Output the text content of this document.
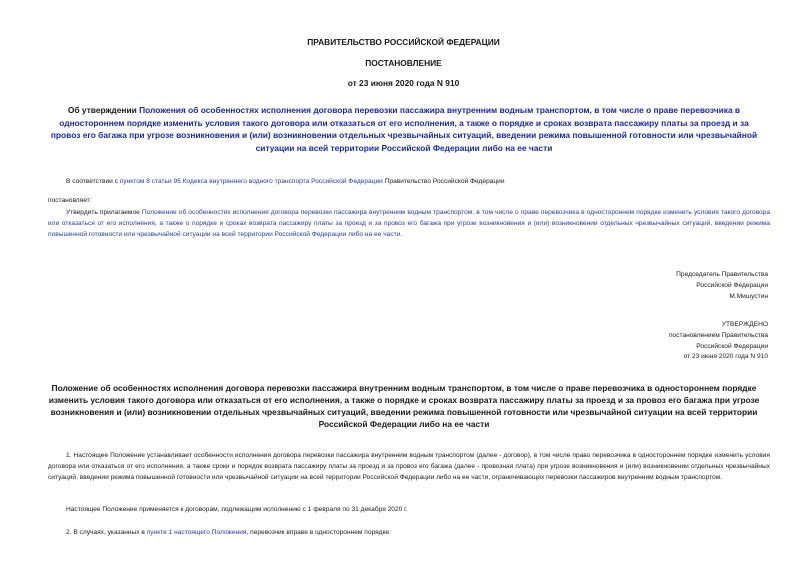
ПРАВИТЕЛЬСТВО РОССИЙСКОЙ ФЕДЕРАЦИИ
ПОСТАНОВЛЕНИЕ
от 23 июня 2020 года N 910
Об утверждении Положения об особенностях исполнения договора перевозки пассажира внутренним водным транспортом, в том числе о праве перевозчика в одностороннем порядке изменить условия такого договора или отказаться от его исполнения, а также о порядке и сроках возврата пассажиру платы за проезд и за провоз его багажа при угрозе возникновения и (или) возникновении отдельных чрезвычайных ситуаций, введении режима повышенной готовности или чрезвычайной ситуации на всей территории Российской Федерации либо на ее части
В соответствии с пунктом 8 статьи 95 Кодекса внутреннего водного транспорта Российской Федерации Правительство Российской Федерации
постановляет:
Утвердить прилагаемое Положение об особенностях исполнения договора перевозки пассажира внутренним водным транспортом, в том числе о праве перевозчика в одностороннем порядке изменить условия такого договора или отказаться от его исполнения, а также о порядке и сроках возврата пассажиру платы за проезд и за провоз его багажа при угрозе возникновения и (или) возникновении отдельных чрезвычайных ситуаций, введении режима повышенной готовности или чрезвычайной ситуации на всей территории Российской Федерации либо на ее части.
Председатель Правительства
Российской Федерации
М.Мишустин
УТВЕРЖДЕНО
постановлением Правительства
Российской Федерации
от 23 июня 2020 года N 910
Положение об особенностях исполнения договора перевозки пассажира внутренним водным транспортом, в том числе о праве перевозчика в одностороннем порядке изменить условия такого договора или отказаться от его исполнения, а также о порядке и сроках возврата пассажиру платы за проезд и за провоз его багажа при угрозе возникновения и (или) возникновении отдельных чрезвычайных ситуаций, введении режима повышенной готовности или чрезвычайной ситуации на всей территории Российской Федерации либо на ее части
1. Настоящее Положение устанавливает особенности исполнения договора перевозки пассажира внутренним водным транспортом (далее - договор), в том числе право перевозчика в одностороннем порядке изменить условия договора или отказаться от его исполнения, а также сроки и порядок возврата пассажиру платы за проезд и за провоз его багажа (далее - провозная плата) при угрозе возникновения и (или) возникновении отдельных чрезвычайных ситуаций, введении режима повышенной готовности или чрезвычайной ситуации на всей территории Российской Федерации либо на ее части, ограничивающих перевозки пассажиров внутренним водным транспортом.
Настоящее Положение применяется к договорам, подлежащим исполнению с 1 февраля по 31 декабря 2020 г.
2. В случаях, указанных в пункте 1 настоящего Положения, перевозчик вправе в одностороннем порядке:
